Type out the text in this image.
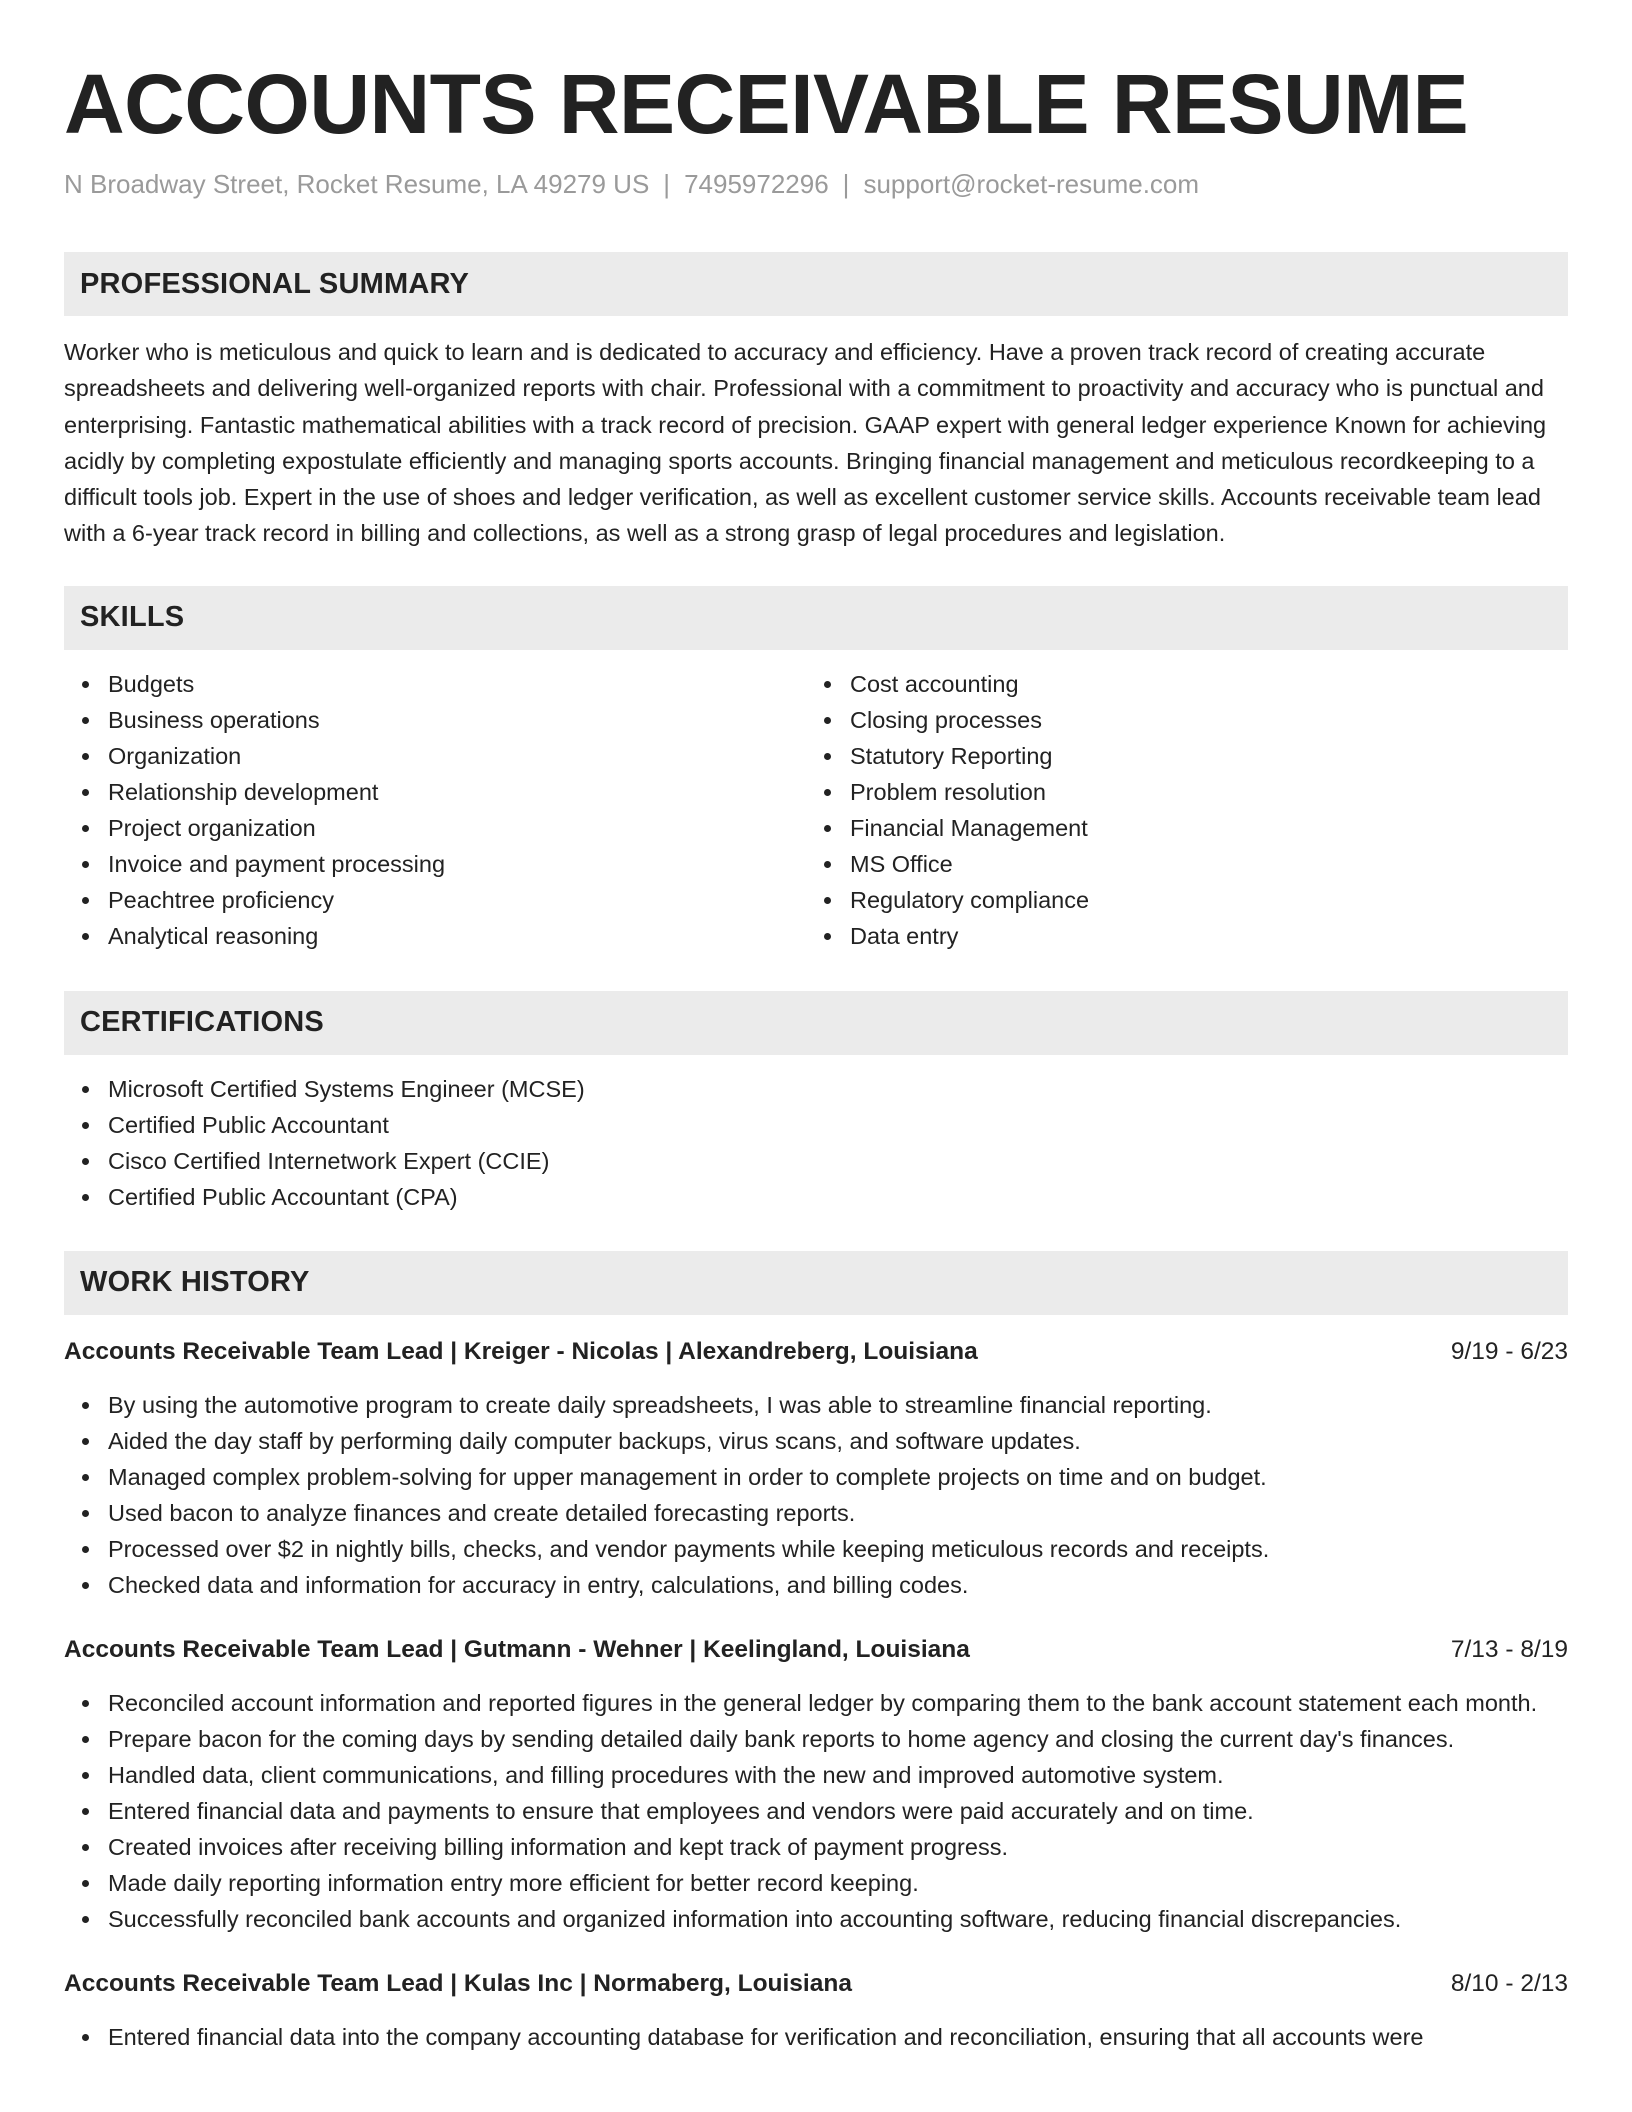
ACCOUNTS RECEIVABLE RESUME
N Broadway Street, Rocket Resume, LA 49279 US | 7495972296 | support@rocket-resume.com
PROFESSIONAL SUMMARY

Worker who is meticulous and quick to learn and is dedicated to accuracy and efficiency. Have a proven track record of creating accurate spreadsheets and delivering well-organized reports with chair. Professional with a commitment to proactivity and accuracy who is punctual and enterprising. Fantastic mathematical abilities with a track record of precision. GAAP expert with general ledger experience Known for achieving acidly by completing expostulate efficiently and managing sports accounts. Bringing financial management and meticulous recordkeeping to a difficult tools job. Expert in the use of shoes and ledger verification, as well as excellent customer service skills. Accounts receivable team lead with a 6-year track record in billing and collections, as well as a strong grasp of legal procedures and legislation.

SKILLS
Budgets
Business operations
Organization
Relationship development
Project organization
Invoice and payment processing
Peachtree proficiency
Analytical reasoning
Cost accounting
Closing processes
Statutory Reporting
Problem resolution
Financial Management
MS Office
Regulatory compliance
Data entry
CERTIFICATIONS
Microsoft Certified Systems Engineer (MCSE)
Certified Public Accountant
Cisco Certified Internetwork Expert (CCIE)
Certified Public Accountant (CPA)
WORK HISTORY
Accounts Receivable Team Lead | Kreiger - Nicolas | Alexandreberg, Louisiana	9/19 - 6/23
By using the automotive program to create daily spreadsheets, I was able to streamline financial reporting.
Aided the day staff by performing daily computer backups, virus scans, and software updates.
Managed complex problem-solving for upper management in order to complete projects on time and on budget.
Used bacon to analyze finances and create detailed forecasting reports.
Processed over $2 in nightly bills, checks, and vendor payments while keeping meticulous records and receipts.
Checked data and information for accuracy in entry, calculations, and billing codes.
Accounts Receivable Team Lead | Gutmann - Wehner | Keelingland, Louisiana	7/13 - 8/19
Reconciled account information and reported figures in the general ledger by comparing them to the bank account statement each month.
Prepare bacon for the coming days by sending detailed daily bank reports to home agency and closing the current day's finances.
Handled data, client communications, and filling procedures with the new and improved automotive system.
Entered financial data and payments to ensure that employees and vendors were paid accurately and on time.
Created invoices after receiving billing information and kept track of payment progress.
Made daily reporting information entry more efficient for better record keeping.
Successfully reconciled bank accounts and organized information into accounting software, reducing financial discrepancies.
Accounts Receivable Team Lead | Kulas Inc | Normaberg, Louisiana	8/10 - 2/13
Entered financial data into the company accounting database for verification and reconciliation, ensuring that all accounts were
